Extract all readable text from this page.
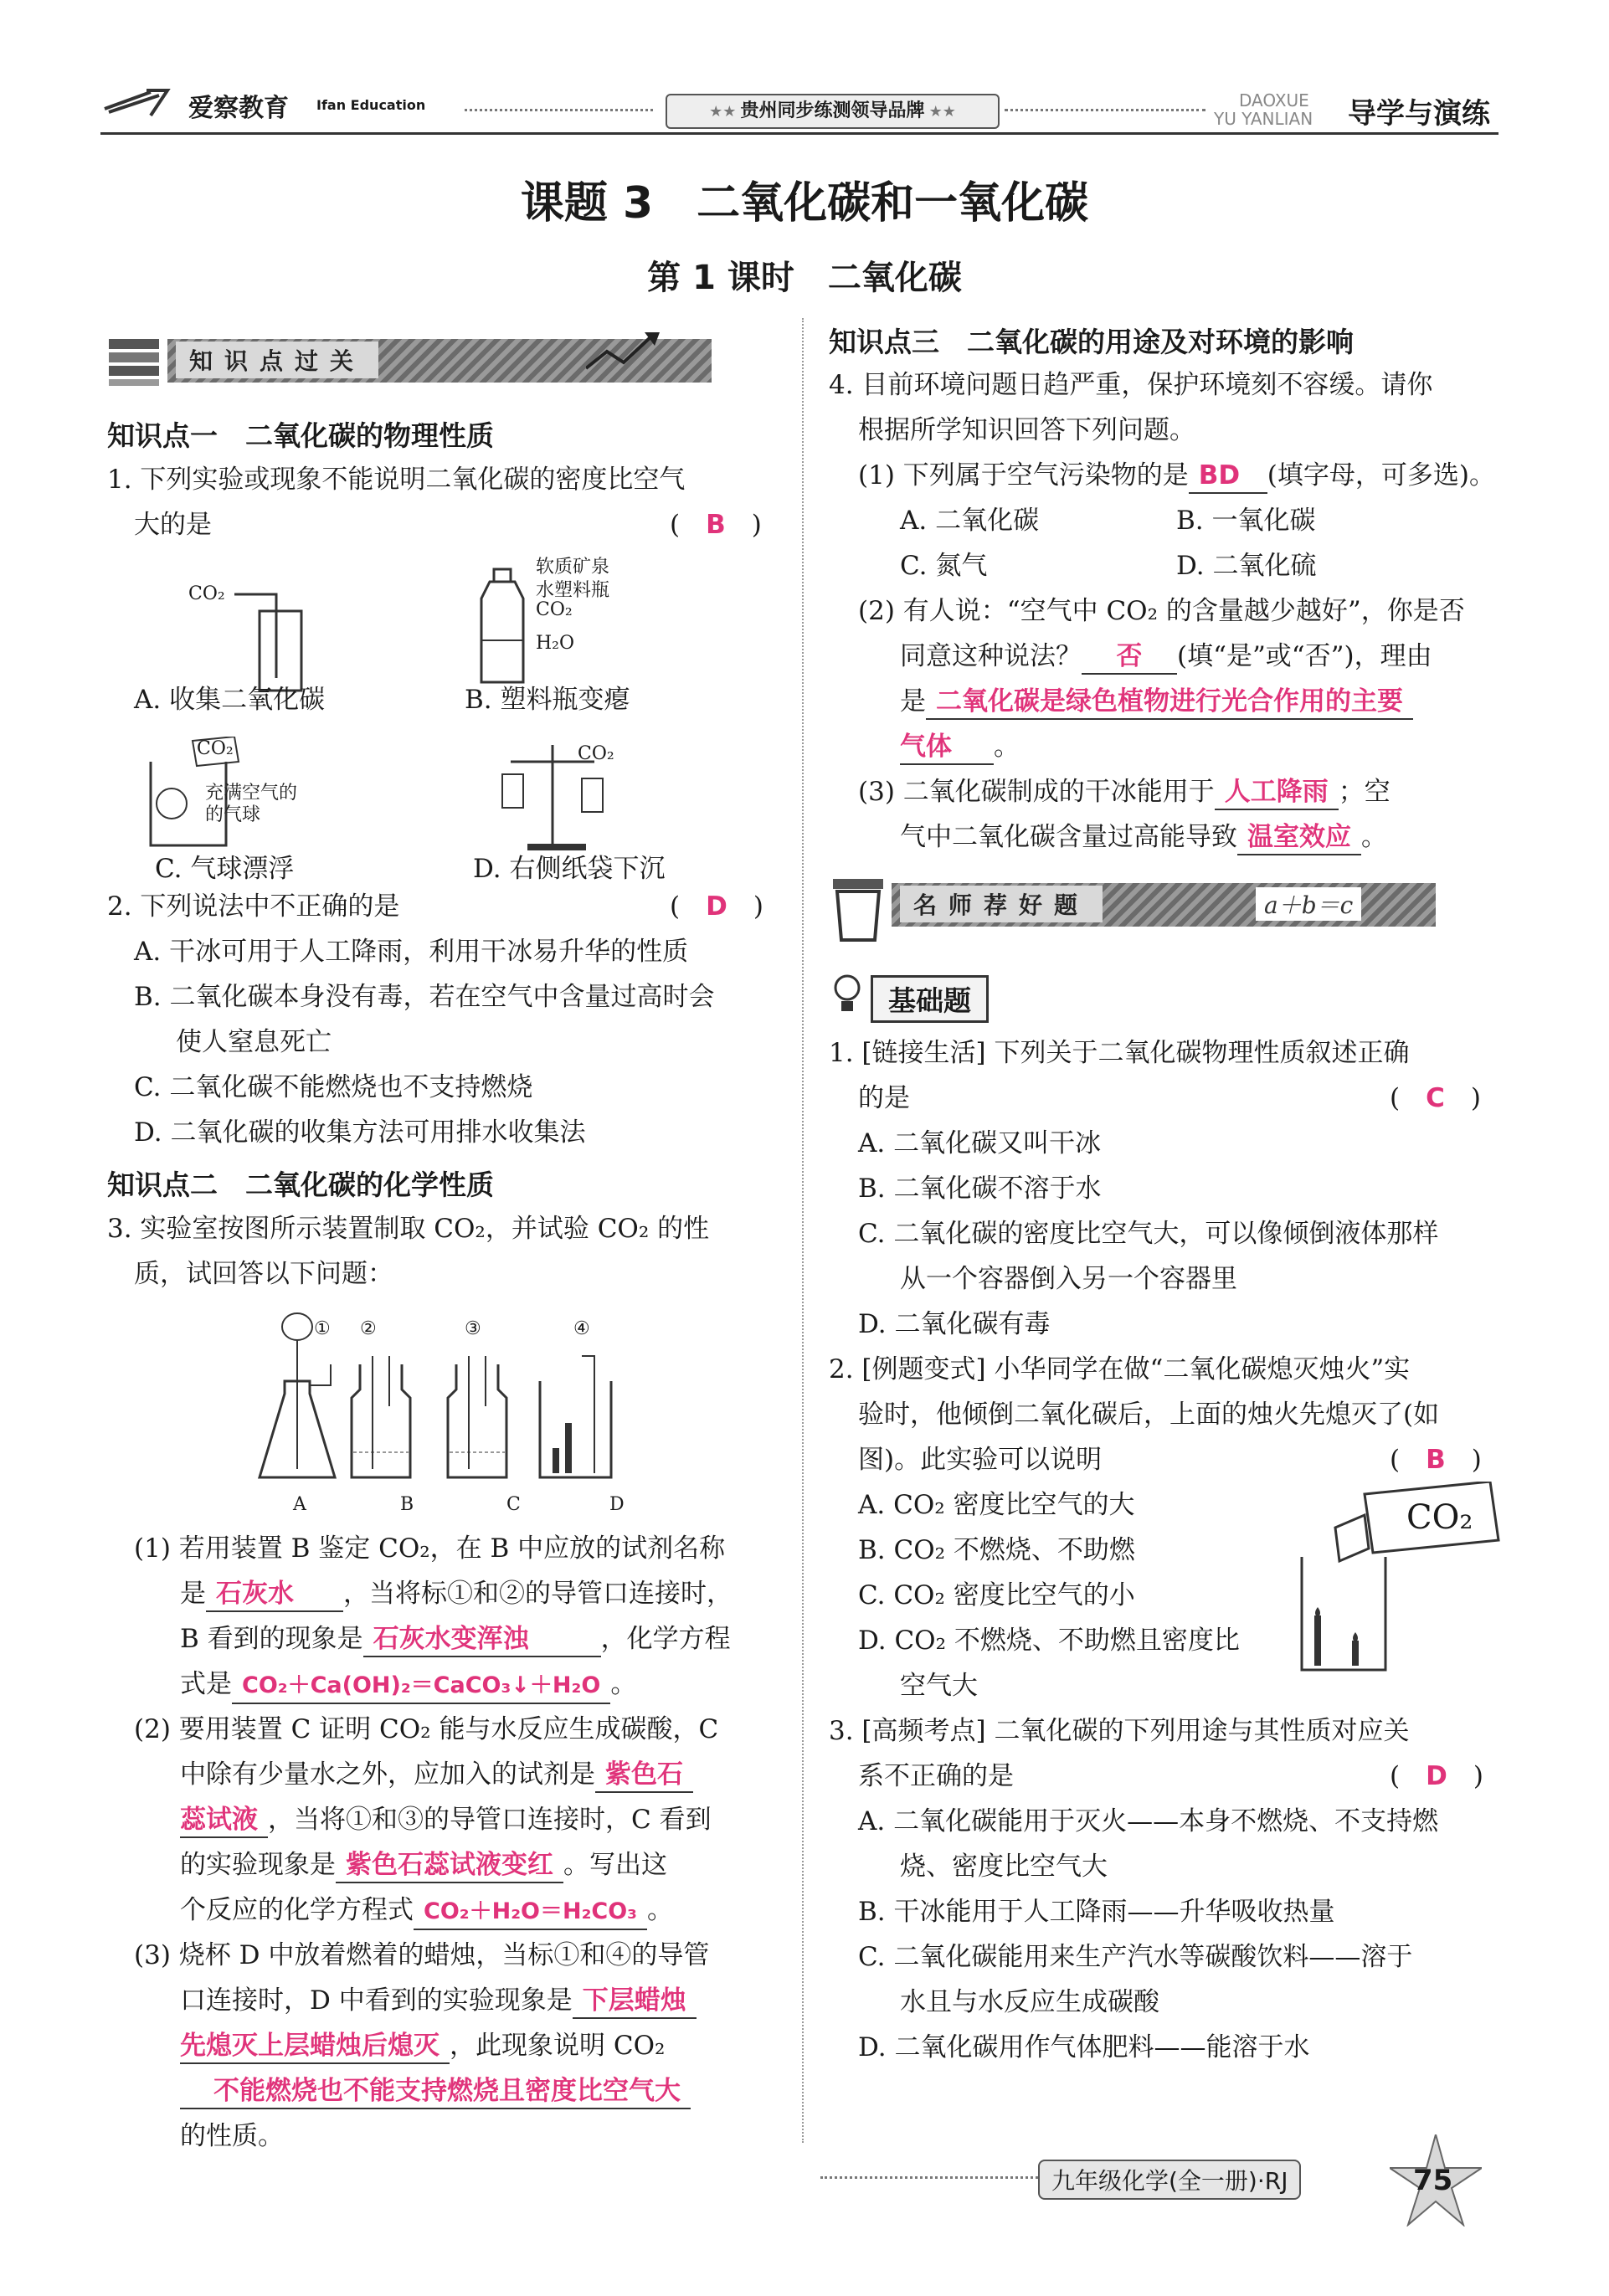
爱察教育 Ifan Education	★★ 贵州同步练测领导品牌 ★★
DAOXUE
YU YANLIAN 导学与演练
课题 3　二氧化碳和一氧化碳
第 1 课时　二氧化碳
知识点过关
知识点一　二氧化碳的物理性质
1. 下列实验或现象不能说明二氧化碳的密度比空气
大的是	(　B　)
CO₂
软质矿泉
水塑料瓶
CO₂
H₂O
A. 收集二氧化碳	B. 塑料瓶变瘪
CO₂
充满空气的
的气球
CO₂
C. 气球漂浮	D. 右侧纸袋下沉
2. 下列说法中不正确的是	(　D　)
A. 干冰可用于人工降雨，利用干冰易升华的性质
B. 二氧化碳本身没有毒，若在空气中含量过高时会
使人窒息死亡
C. 二氧化碳不能燃烧也不支持燃烧
D. 二氧化碳的收集方法可用排水收集法
知识点二　二氧化碳的化学性质
3. 实验室按图所示装置制取 CO₂，并试验 CO₂ 的性
质，试回答以下问题：
① ②	③	④
A	B	C	D
(1) 若用装置 B 鉴定 CO₂，在 B 中应放的试剂名称
是 石灰水 ，当将标①和②的导管口连接时，
B 看到的现象是 石灰水变浑浊	，化学方程
式是 CO₂＋Ca(OH)₂＝CaCO₃↓＋H₂O 。
(2) 要用装置 C 证明 CO₂ 能与水反应生成碳酸，C
中除有少量水之外，应加入的试剂是 紫色石
蕊试液 ，当将①和③的导管口连接时，C 看到
的实验现象是 紫色石蕊试液变红 。写出这
个反应的化学方程式 CO₂＋H₂O＝H₂CO₃ 。
(3) 烧杯 D 中放着燃着的蜡烛，当标①和④的导管
口连接时，D 中看到的实验现象是 下层蜡烛
先熄灭上层蜡烛后熄灭 ，此现象说明 CO₂
不能燃烧也不能支持燃烧且密度比空气大
的性质。
知识点三　二氧化碳的用途及对环境的影响
4. 目前环境问题日趋严重，保护环境刻不容缓。请你
根据所学知识回答下列问题。
(1) 下列属于空气污染物的是 BD (填字母，可多选)。
A. 二氧化碳	B. 一氧化碳
C. 氮气	D. 二氧化硫
(2) 有人说：“空气中 CO₂ 的含量越少越好”，你是否
同意这种说法？ 否 (填“是”或“否”)，理由
是 二氧化碳是绿色植物进行光合作用的主要
气体 。
(3) 二氧化碳制成的干冰能用于 人工降雨 ；空
气中二氧化碳含量过高能导致 温室效应 。
名师荐好题	a＋b＝c
基础题
1. [链接生活] 下列关于二氧化碳物理性质叙述正确
的是	(　C　)
A. 二氧化碳又叫干冰
B. 二氧化碳不溶于水
C. 二氧化碳的密度比空气大，可以像倾倒液体那样
从一个容器倒入另一个容器里
D. 二氧化碳有毒
2. [例题变式] 小华同学在做“二氧化碳熄灭烛火”实
验时，他倾倒二氧化碳后，上面的烛火先熄灭了(如
图)。此实验可以说明	(　B　)
A. CO₂ 密度比空气的大
B. CO₂ 不燃烧、不助燃
C. CO₂ 密度比空气的小
D. CO₂ 不燃烧、不助燃且密度比
空气大
CO₂
3. [高频考点] 二氧化碳的下列用途与其性质对应关
系不正确的是	(　D　)
A. 二氧化碳能用于灭火——本身不燃烧、不支持燃
烧、密度比空气大
B. 干冰能用于人工降雨——升华吸收热量
C. 二氧化碳能用来生产汽水等碳酸饮料——溶于
水且与水反应生成碳酸
D. 二氧化碳用作气体肥料——能溶于水
九年级化学(全一册)·RJ	75
